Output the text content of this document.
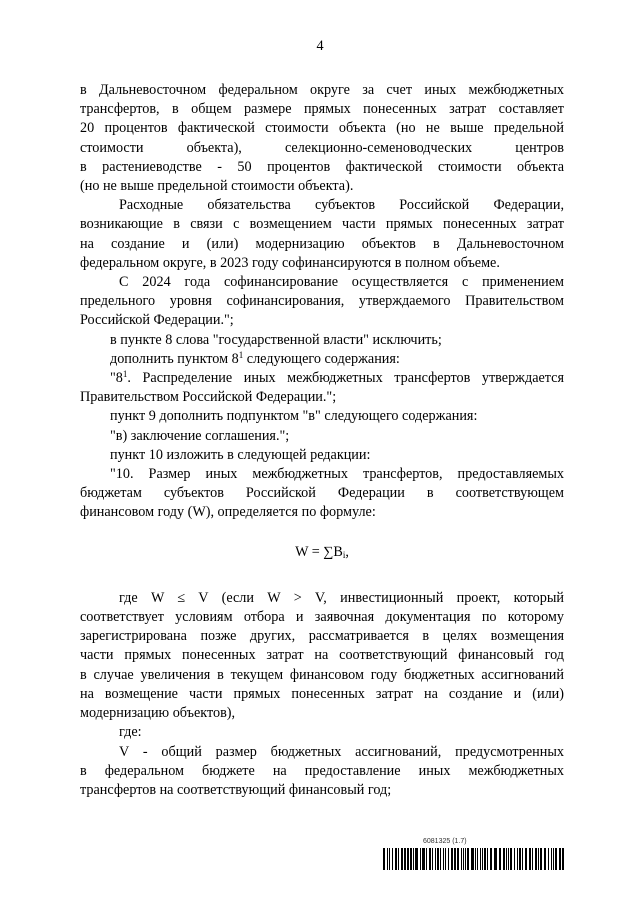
4
в Дальневосточном федеральном округе за счет иных межбюджетных
трансфертов, в общем размере прямых понесенных затрат составляет
20 процентов фактической стоимости объекта (но не выше предельной
стоимости объекта), селекционно-семеноводческих центров
в растениеводстве - 50 процентов фактической стоимости объекта
(но не выше предельной стоимости объекта).
Расходные обязательства субъектов Российской Федерации,
возникающие в связи с возмещением части прямых понесенных затрат
на создание и (или) модернизацию объектов в Дальневосточном
федеральном округе, в 2023 году софинансируются в полном объеме.
С 2024 года софинансирование осуществляется с применением
предельного уровня софинансирования, утверждаемого Правительством
Российской Федерации.";
в пункте 8 слова "государственной власти" исключить;
дополнить пунктом $8^1$ следующего содержания:
"$8^1$. Распределение иных межбюджетных трансфертов утверждается
Правительством Российской Федерации.";
пункт 9 дополнить подпунктом "в" следующего содержания:
"в) заключение соглашения.";
пункт 10 изложить в следующей редакции:
"10. Размер иных межбюджетных трансфертов, предоставляемых
бюджетам субъектов Российской Федерации в соответствующем
финансовом году (W), определяется по формуле:
$W = \sum B_i$,
где W ≤ V (если W > V, инвестиционный проект, который
соответствует условиям отбора и заявочная документация по которому
зарегистрирована позже других, рассматривается в целях возмещения
части прямых понесенных затрат на соответствующий финансовый год
в случае увеличения в текущем финансовом году бюджетных ассигнований
на возмещение части прямых понесенных затрат на создание и (или)
модернизацию объектов),
где:
V - общий размер бюджетных ассигнований, предусмотренных
в федеральном бюджете на предоставление иных межбюджетных
трансфертов на соответствующий финансовый год;
6081325 (1.7)
